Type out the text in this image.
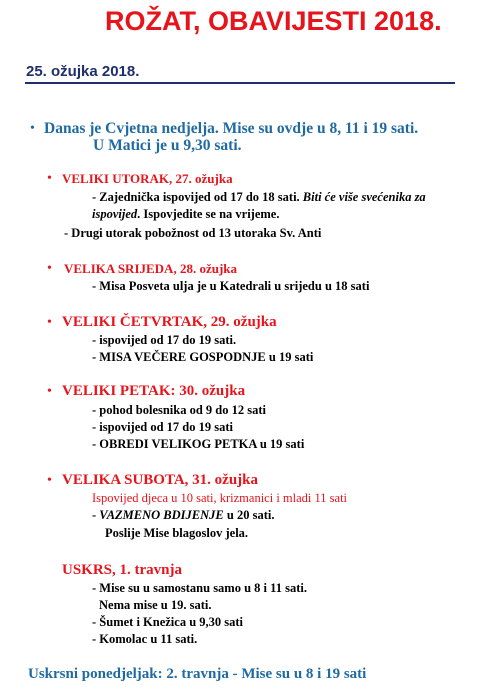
ROŽAT, OBAVIJESTI 2018.
25. ožujka 2018.
• Danas je Cvjetna nedjelja. Mise su ovdje u 8, 11 i 19 sati.
U Matici je u 9,30 sati.
• VELIKI UTORAK, 27. ožujka
- Zajednička ispovijed od 17 do 18 sati. Biti će više svećenika za
ispovijed. Ispovjedite se na vrijeme.
- Drugi utorak pobožnost od 13 utoraka Sv. Anti
• VELIKA SRIJEDA, 28. ožujka
- Misa Posveta ulja je u Katedrali u srijedu u 18 sati
• VELIKI ČETVRTAK, 29. ožujka
- ispovijed od 17 do 19 sati.
- MISA VEČERE GOSPODNJE u 19 sati
• VELIKI PETAK: 30. ožujka
- pohod bolesnika od 9 do 12 sati
- ispovijed od 17 do 19 sati
- OBREDI VELIKOG PETKA u 19 sati
• VELIKA SUBOTA, 31. ožujka
Ispovijed djeca u 10 sati, krizmanici i mladi 11 sati
- VAZMENO BDIJENJE u 20 sati.
Poslije Mise blagoslov jela.
USKRS, 1. travnja
- Mise su u samostanu samo u 8 i 11 sati.
Nema mise u 19. sati.
- Šumet i Knežica u 9,30 sati
- Komolac u 11 sati.
Uskrsni ponedjeljak: 2. travnja - Mise su u 8 i 19 sati
